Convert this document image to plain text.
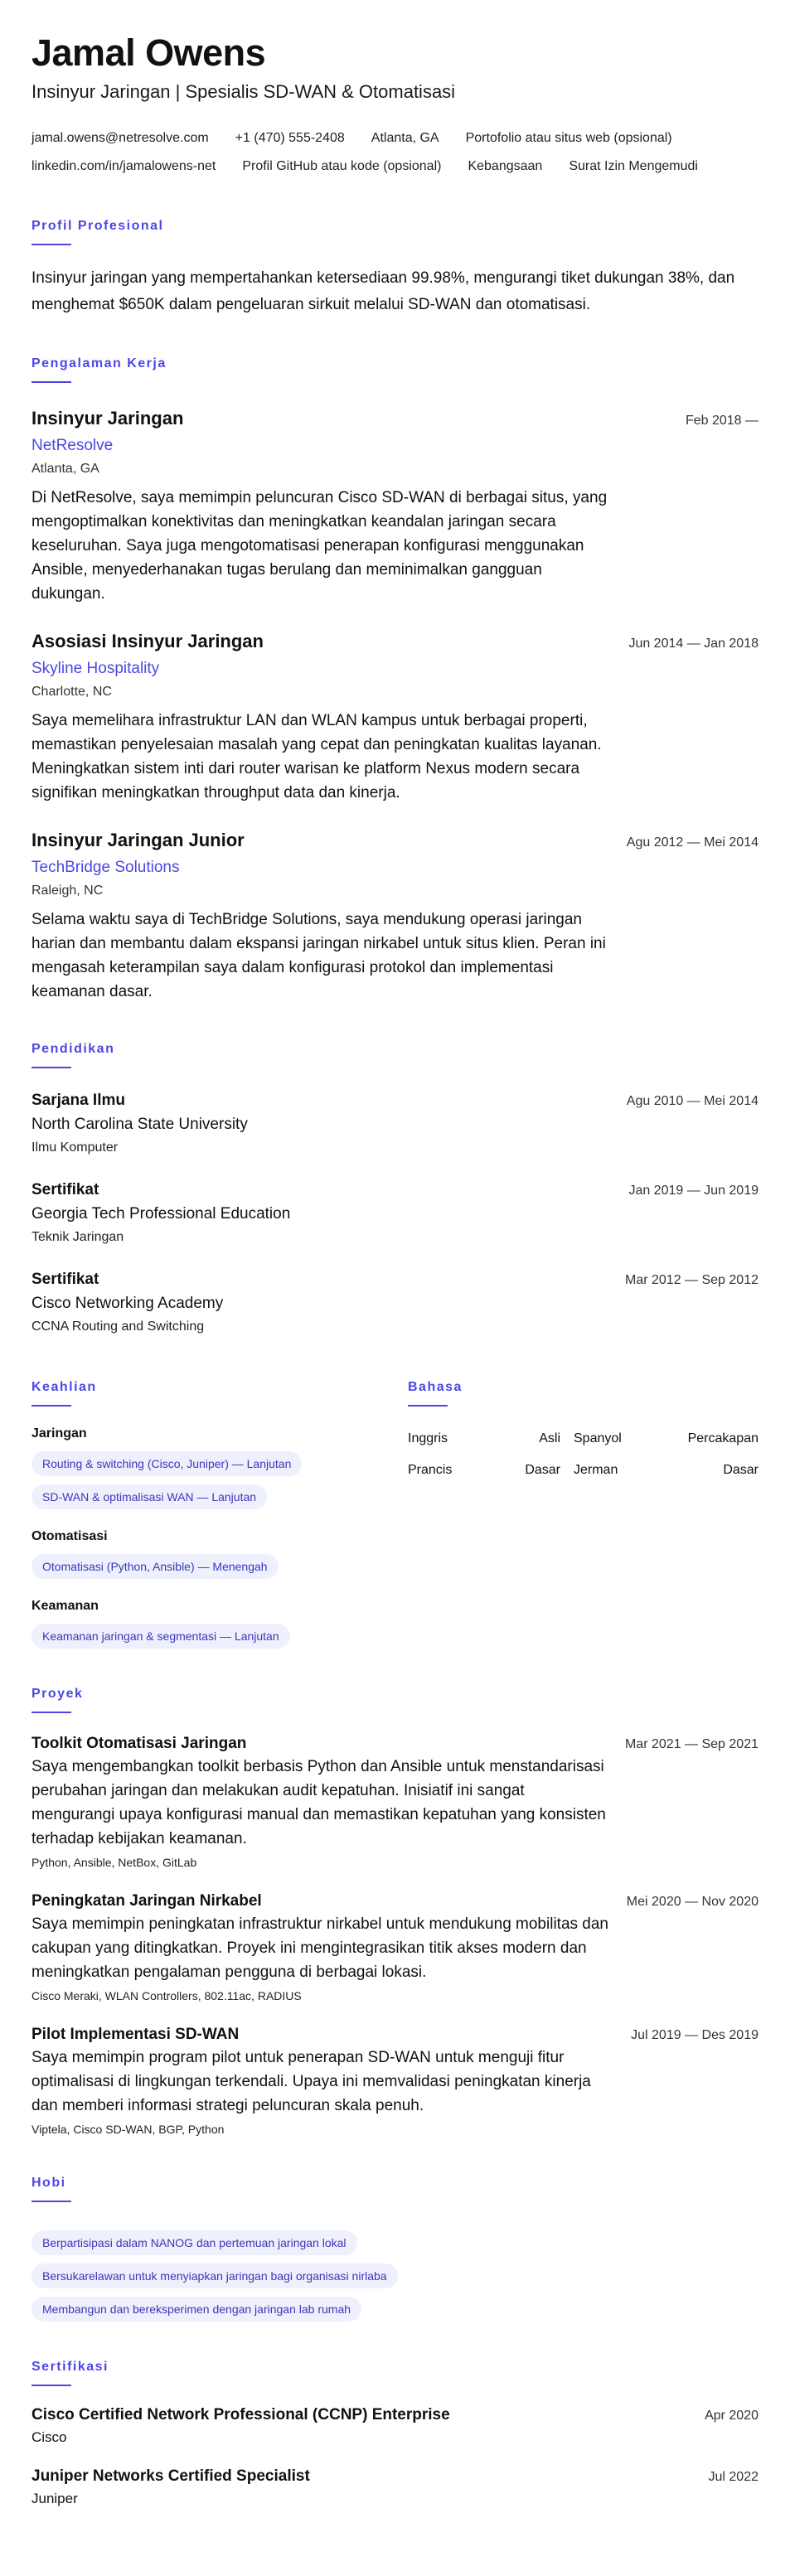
Jamal Owens
Insinyur Jaringan | Spesialis SD-WAN & Otomatisasi
jamal.owens@netresolve.com +1 (470) 555-2408 Atlanta, GA Portofolio atau situs web (opsional)
linkedin.com/in/jamalowens-net Profil GitHub atau kode (opsional) Kebangsaan Surat Izin Mengemudi
Profil Profesional
Insinyur jaringan yang mempertahankan ketersediaan 99.98%, mengurangi tiket dukungan 38%, dan menghemat $650K dalam pengeluaran sirkuit melalui SD-WAN dan otomatisasi.
Pengalaman Kerja
Insinyur Jaringan	Feb 2018 —
NetResolve
Atlanta, GA
Di NetResolve, saya memimpin peluncuran Cisco SD-WAN di berbagai situs, yang mengoptimalkan konektivitas dan meningkatkan keandalan jaringan secara keseluruhan. Saya juga mengotomatisasi penerapan konfigurasi menggunakan Ansible, menyederhanakan tugas berulang dan meminimalkan gangguan dukungan.
Asosiasi Insinyur Jaringan	Jun 2014 — Jan 2018
Skyline Hospitality
Charlotte, NC
Saya memelihara infrastruktur LAN dan WLAN kampus untuk berbagai properti, memastikan penyelesaian masalah yang cepat dan peningkatan kualitas layanan. Meningkatkan sistem inti dari router warisan ke platform Nexus modern secara signifikan meningkatkan throughput data dan kinerja.
Insinyur Jaringan Junior	Agu 2012 — Mei 2014
TechBridge Solutions
Raleigh, NC
Selama waktu saya di TechBridge Solutions, saya mendukung operasi jaringan harian dan membantu dalam ekspansi jaringan nirkabel untuk situs klien. Peran ini mengasah keterampilan saya dalam konfigurasi protokol dan implementasi keamanan dasar.
Pendidikan
Sarjana Ilmu	Agu 2010 — Mei 2014
North Carolina State University
Ilmu Komputer
Sertifikat	Jan 2019 — Jun 2019
Georgia Tech Professional Education
Teknik Jaringan
Sertifikat	Mar 2012 — Sep 2012
Cisco Networking Academy
CCNA Routing and Switching
Keahlian
Jaringan
Routing & switching (Cisco, Juniper) — Lanjutan
SD-WAN & optimalisasi WAN — Lanjutan
Otomatisasi
Otomatisasi (Python, Ansible) — Menengah
Keamanan
Keamanan jaringan & segmentasi — Lanjutan
Bahasa
Inggris	Asli Spanyol	Percakapan
Prancis	Dasar Jerman	Dasar
Proyek
Toolkit Otomatisasi Jaringan	Mar 2021 — Sep 2021
Saya mengembangkan toolkit berbasis Python dan Ansible untuk menstandarisasi perubahan jaringan dan melakukan audit kepatuhan. Inisiatif ini sangat mengurangi upaya konfigurasi manual dan memastikan kepatuhan yang konsisten terhadap kebijakan keamanan.
Python, Ansible, NetBox, GitLab
Peningkatan Jaringan Nirkabel	Mei 2020 — Nov 2020
Saya memimpin peningkatan infrastruktur nirkabel untuk mendukung mobilitas dan cakupan yang ditingkatkan. Proyek ini mengintegrasikan titik akses modern dan meningkatkan pengalaman pengguna di berbagai lokasi.
Cisco Meraki, WLAN Controllers, 802.11ac, RADIUS
Pilot Implementasi SD-WAN	Jul 2019 — Des 2019
Saya memimpin program pilot untuk penerapan SD-WAN untuk menguji fitur optimalisasi di lingkungan terkendali. Upaya ini memvalidasi peningkatan kinerja dan memberi informasi strategi peluncuran skala penuh.
Viptela, Cisco SD-WAN, BGP, Python
Hobi
Berpartisipasi dalam NANOG dan pertemuan jaringan lokal
Bersukarelawan untuk menyiapkan jaringan bagi organisasi nirlaba
Membangun dan bereksperimen dengan jaringan lab rumah
Sertifikasi
Cisco Certified Network Professional (CCNP) Enterprise	Apr 2020
Cisco
Juniper Networks Certified Specialist	Jul 2022
Juniper
